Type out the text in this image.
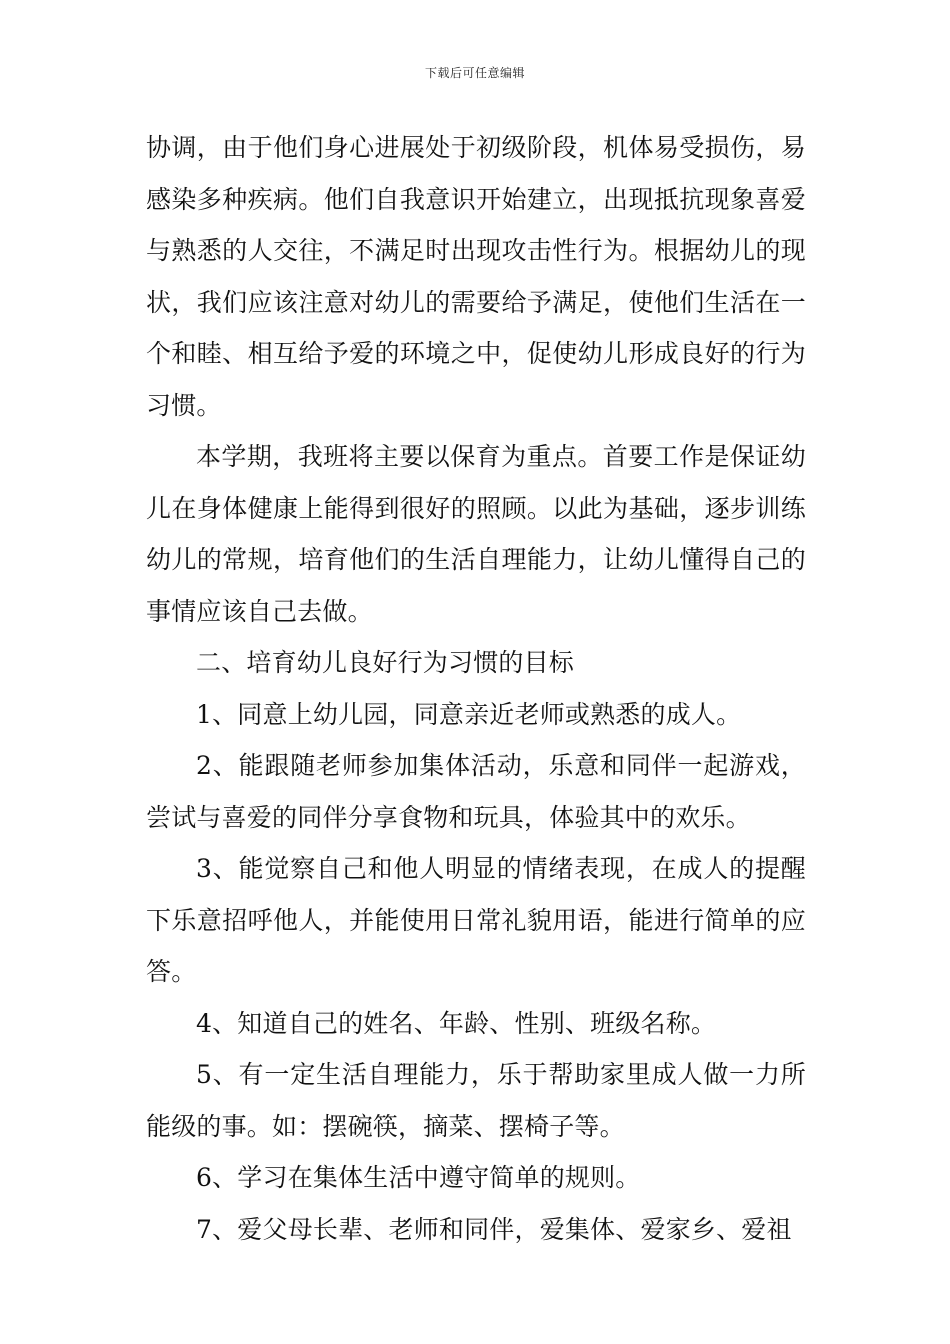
下载后可任意编辑

协调，由于他们身心进展处于初级阶段，机体易受损伤，易感染多种疾病。他们自我意识开始建立，出现抵抗现象喜爱与熟悉的人交往，不满足时出现攻击性行为。根据幼儿的现状，我们应该注意对幼儿的需要给予满足，使他们生活在一个和睦、相互给予爱的环境之中，促使幼儿形成良好的行为习惯。

本学期，我班将主要以保育为重点。首要工作是保证幼儿在身体健康上能得到很好的照顾。以此为基础，逐步训练幼儿的常规，培育他们的生活自理能力，让幼儿懂得自己的事情应该自己去做。

二、培育幼儿良好行为习惯的目标

1、同意上幼儿园，同意亲近老师或熟悉的成人。

2、能跟随老师参加集体活动，乐意和同伴一起游戏，尝试与喜爱的同伴分享食物和玩具，体验其中的欢乐。

3、能觉察自己和他人明显的情绪表现，在成人的提醒下乐意招呼他人，并能使用日常礼貌用语，能进行简单的应答。

4、知道自己的姓名、年龄、性别、班级名称。

5、有一定生活自理能力，乐于帮助家里成人做一力所能级的事。如：摆碗筷，摘菜、摆椅子等。

6、学习在集体生活中遵守简单的规则。

7、爱父母长辈、老师和同伴，爱集体、爱家乡、爱祖
